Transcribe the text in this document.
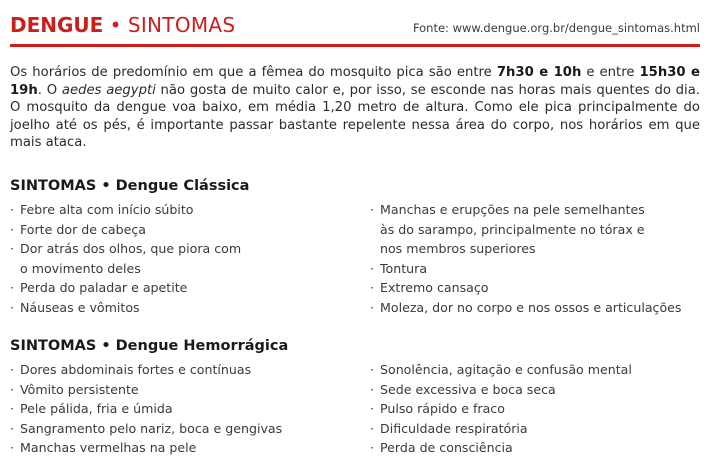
DENGUE • SINTOMAS	Fonte: www.dengue.org.br/dengue_sintomas.html
Os horários de predomínio em que a fêmea do mosquito pica são entre 7h30 e 10h e entre 15h30 e 19h. O aedes aegypti não gosta de muito calor e, por isso, se esconde nas horas mais quentes do dia. O mosquito da dengue voa baixo, em média 1,20 metro de altura. Como ele pica principalmente do joelho até os pés, é importante passar bastante repelente nessa área do corpo, nos horários em que mais ataca.
SINTOMAS • Dengue Clássica
· Febre alta com início súbito
· Forte dor de cabeça
· Dor atrás dos olhos, que piora com
o movimento deles
· Perda do paladar e apetite
· Náuseas e vômitos
· Manchas e erupções na pele semelhantes
às do sarampo, principalmente no tórax e
nos membros superiores
· Tontura
· Extremo cansaço
· Moleza, dor no corpo e nos ossos e articulações
SINTOMAS • Dengue Hemorrágica
· Dores abdominais fortes e contínuas
· Vômito persistente
· Pele pálida, fria e úmida
· Sangramento pelo nariz, boca e gengivas
· Manchas vermelhas na pele
· Sonolência, agitação e confusão mental
· Sede excessiva e boca seca
· Pulso rápido e fraco
· Dificuldade respiratória
· Perda de consciência
